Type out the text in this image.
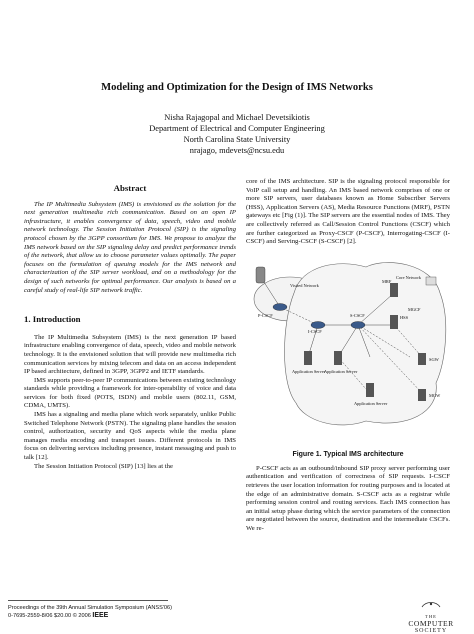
Modeling and Optimization for the Design of IMS Networks
Nisha Rajagopal and Michael Devetsikiotis
Department of Electrical and Computer Engineering
North Carolina State University
nrajago, mdevets@ncsu.edu
Abstract

The IP Multimedia Subsystem (IMS) is envisioned as the solution for the next generation multimedia rich communication. Based on an open IP infrastructure, it enables convergence of data, speech, video and mobile network technology. The Session Initiation Protocol (SIP) is the signaling protocol chosen by the 3GPP consortium for IMS. We propose to analyze the IMS network based on the SIP signaling delay and predict performance trends of the network, that allow us to choose parameter values optimally. The paper focuses on the formulation of queuing models for the IMS network and characterization of the SIP server workload, and on a methodology for the design of such networks for optimal performance. Our analysis is based on a careful study of real-life SIP network traffic.

1. Introduction

The IP Multimedia Subsystem (IMS) is the next generation IP based infrastructure enabling convergence of data, speech, video and mobile network technology. It is the envisioned solution that will provide new multimedia rich communication services by mixing telecom and data on an access independent IP based architecture, defined in 3GPP, 3GPP2 and IETF standards.

IMS supports peer-to-peer IP communications between existing technology standards while providing a framework for inter-operability of voice and data services for both fixed (POTS, ISDN) and mobile users (802.11, GSM, CDMA, UMTS).

IMS has a signaling and media plane which work separately, unlike Public Switched Telephone Network (PSTN). The signaling plane handles the session control, authorization, security and QoS aspects while the media plane manages media encoding and transport issues. Different protocols in IMS focus on delivering services including presence, instant messaging and push to talk [12].

The Session Initiation Protocol (SIP) [13] lies at the

core of the IMS architecture. SIP is the signaling protocol responsible for VoIP call setup and handling. An IMS based network comprises of one or more SIP servers, user databases known as Home Subscriber Servers (HSS), Application Servers (AS), Media Resource Functions (MRF), PSTN gateways etc [Fig (1)]. The SIP servers are the essential nodes of IMS. They are collectively referred as Call/Session Control Functions (CSCF) which are further categorized as Proxy-CSCF (P-CSCF), Interrogating-CSCF (I-CSCF) and Serving-CSCF (S-CSCF) [2].

Visited Network
Core Network
P-CSCF
MRF
HSS
MGCF
S-CSCF
I-CSCF
Application Server
Application Server
Application Server
SGW
MGW
Figure 1. Typical IMS architecture

P-CSCF acts as an outbound/inbound SIP proxy server performing user authentication and verification of correctness of SIP requests. I-CSCF retrieves the user location information for routing purposes and is located at the edge of an administrative domain. S-CSCF acts as a registrar while performing session control and routing services. Each IMS connection has an initial setup phase during which the service parameters of the connection are negotiated between the source, destination and the intermediate CSCFs. We re-

Proceedings of the 39th Annual Simulation Symposium (ANSS'06)
0-7695-2559-8/06 $20.00 © 2006 IEEE	THE
COMPUTER
SOCIETY
